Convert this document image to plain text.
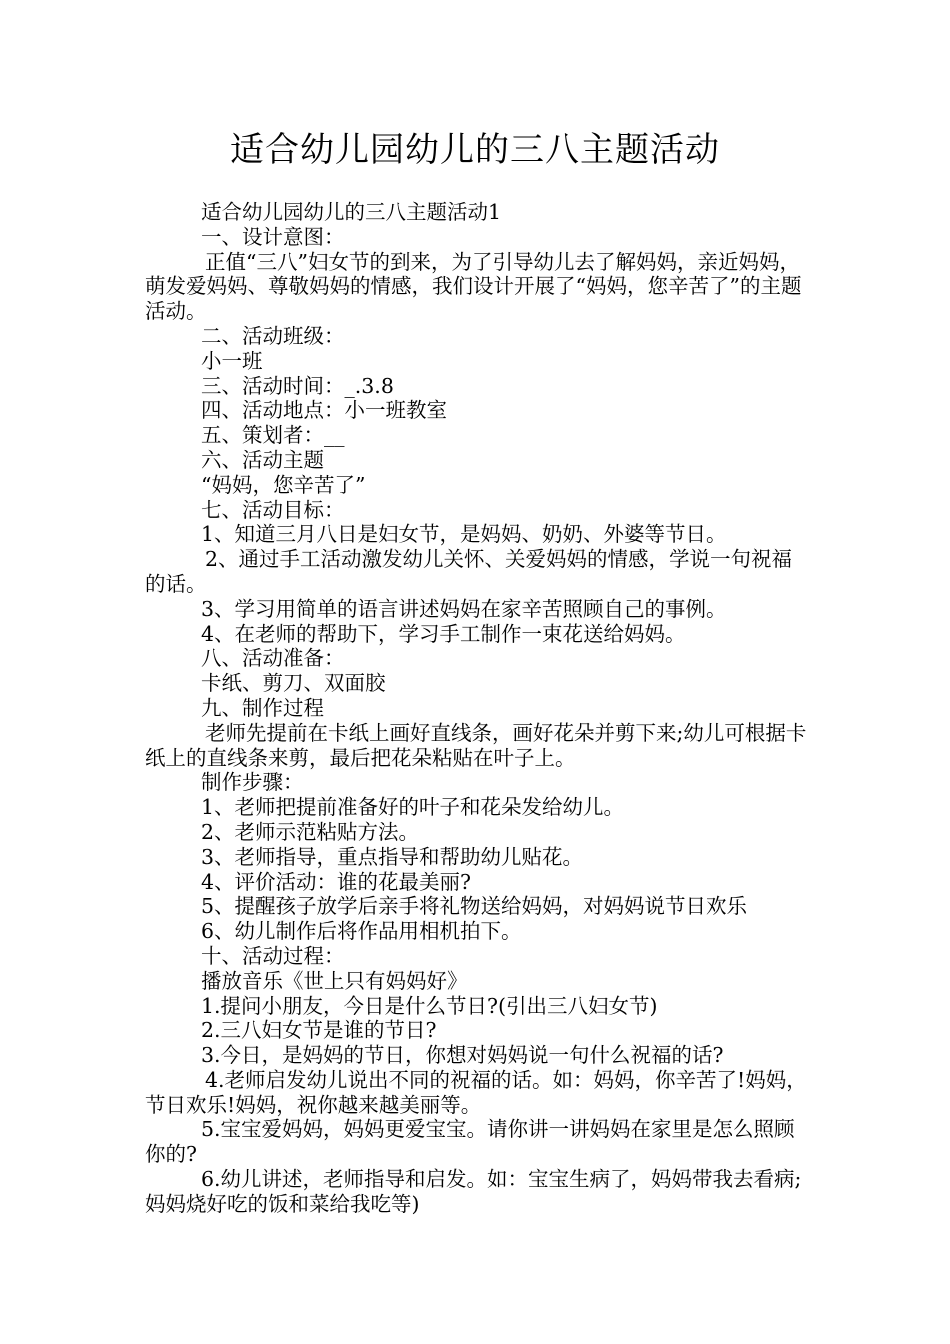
适合幼儿园幼儿的三八主题活动

适合幼儿园幼儿的三八主题活动1

一、设计意图：

正值“三八”妇女节的到来，为了引导幼儿去了解妈妈，亲近妈妈，萌发爱妈妈、尊敬妈妈的情感，我们设计开展了“妈妈，您辛苦了”的主题活动。

二、活动班级：

小一班

三、活动时间：_.3.8

四、活动地点：小一班教室

五、策划者：__

六、活动主题

“妈妈，您辛苦了”

七、活动目标：

1、知道三月八日是妇女节，是妈妈、奶奶、外婆等节日。

2、通过手工活动激发幼儿关怀、关爱妈妈的情感，学说一句祝福的话。

3、学习用简单的语言讲述妈妈在家辛苦照顾自己的事例。

4、在老师的帮助下，学习手工制作一束花送给妈妈。

八、活动准备：

卡纸、剪刀、双面胶

九、制作过程

老师先提前在卡纸上画好直线条，画好花朵并剪下来;幼儿可根据卡纸上的直线条来剪，最后把花朵粘贴在叶子上。

制作步骤：

1、老师把提前准备好的叶子和花朵发给幼儿。

2、老师示范粘贴方法。

3、老师指导，重点指导和帮助幼儿贴花。

4、评价活动：谁的花最美丽?

5、提醒孩子放学后亲手将礼物送给妈妈，对妈妈说节日欢乐

6、幼儿制作后将作品用相机拍下。

十、活动过程：

播放音乐《世上只有妈妈好》

1.提问小朋友，今日是什么节日?(引出三八妇女节)

2.三八妇女节是谁的节日?

3.今日，是妈妈的节日，你想对妈妈说一句什么祝福的话?

4.老师启发幼儿说出不同的祝福的话。如：妈妈，你辛苦了!妈妈，节日欢乐!妈妈，祝你越来越美丽等。

5.宝宝爱妈妈，妈妈更爱宝宝。请你讲一讲妈妈在家里是怎么照顾你的?

6.幼儿讲述，老师指导和启发。如：宝宝生病了，妈妈带我去看病;妈妈烧好吃的饭和菜给我吃等)
